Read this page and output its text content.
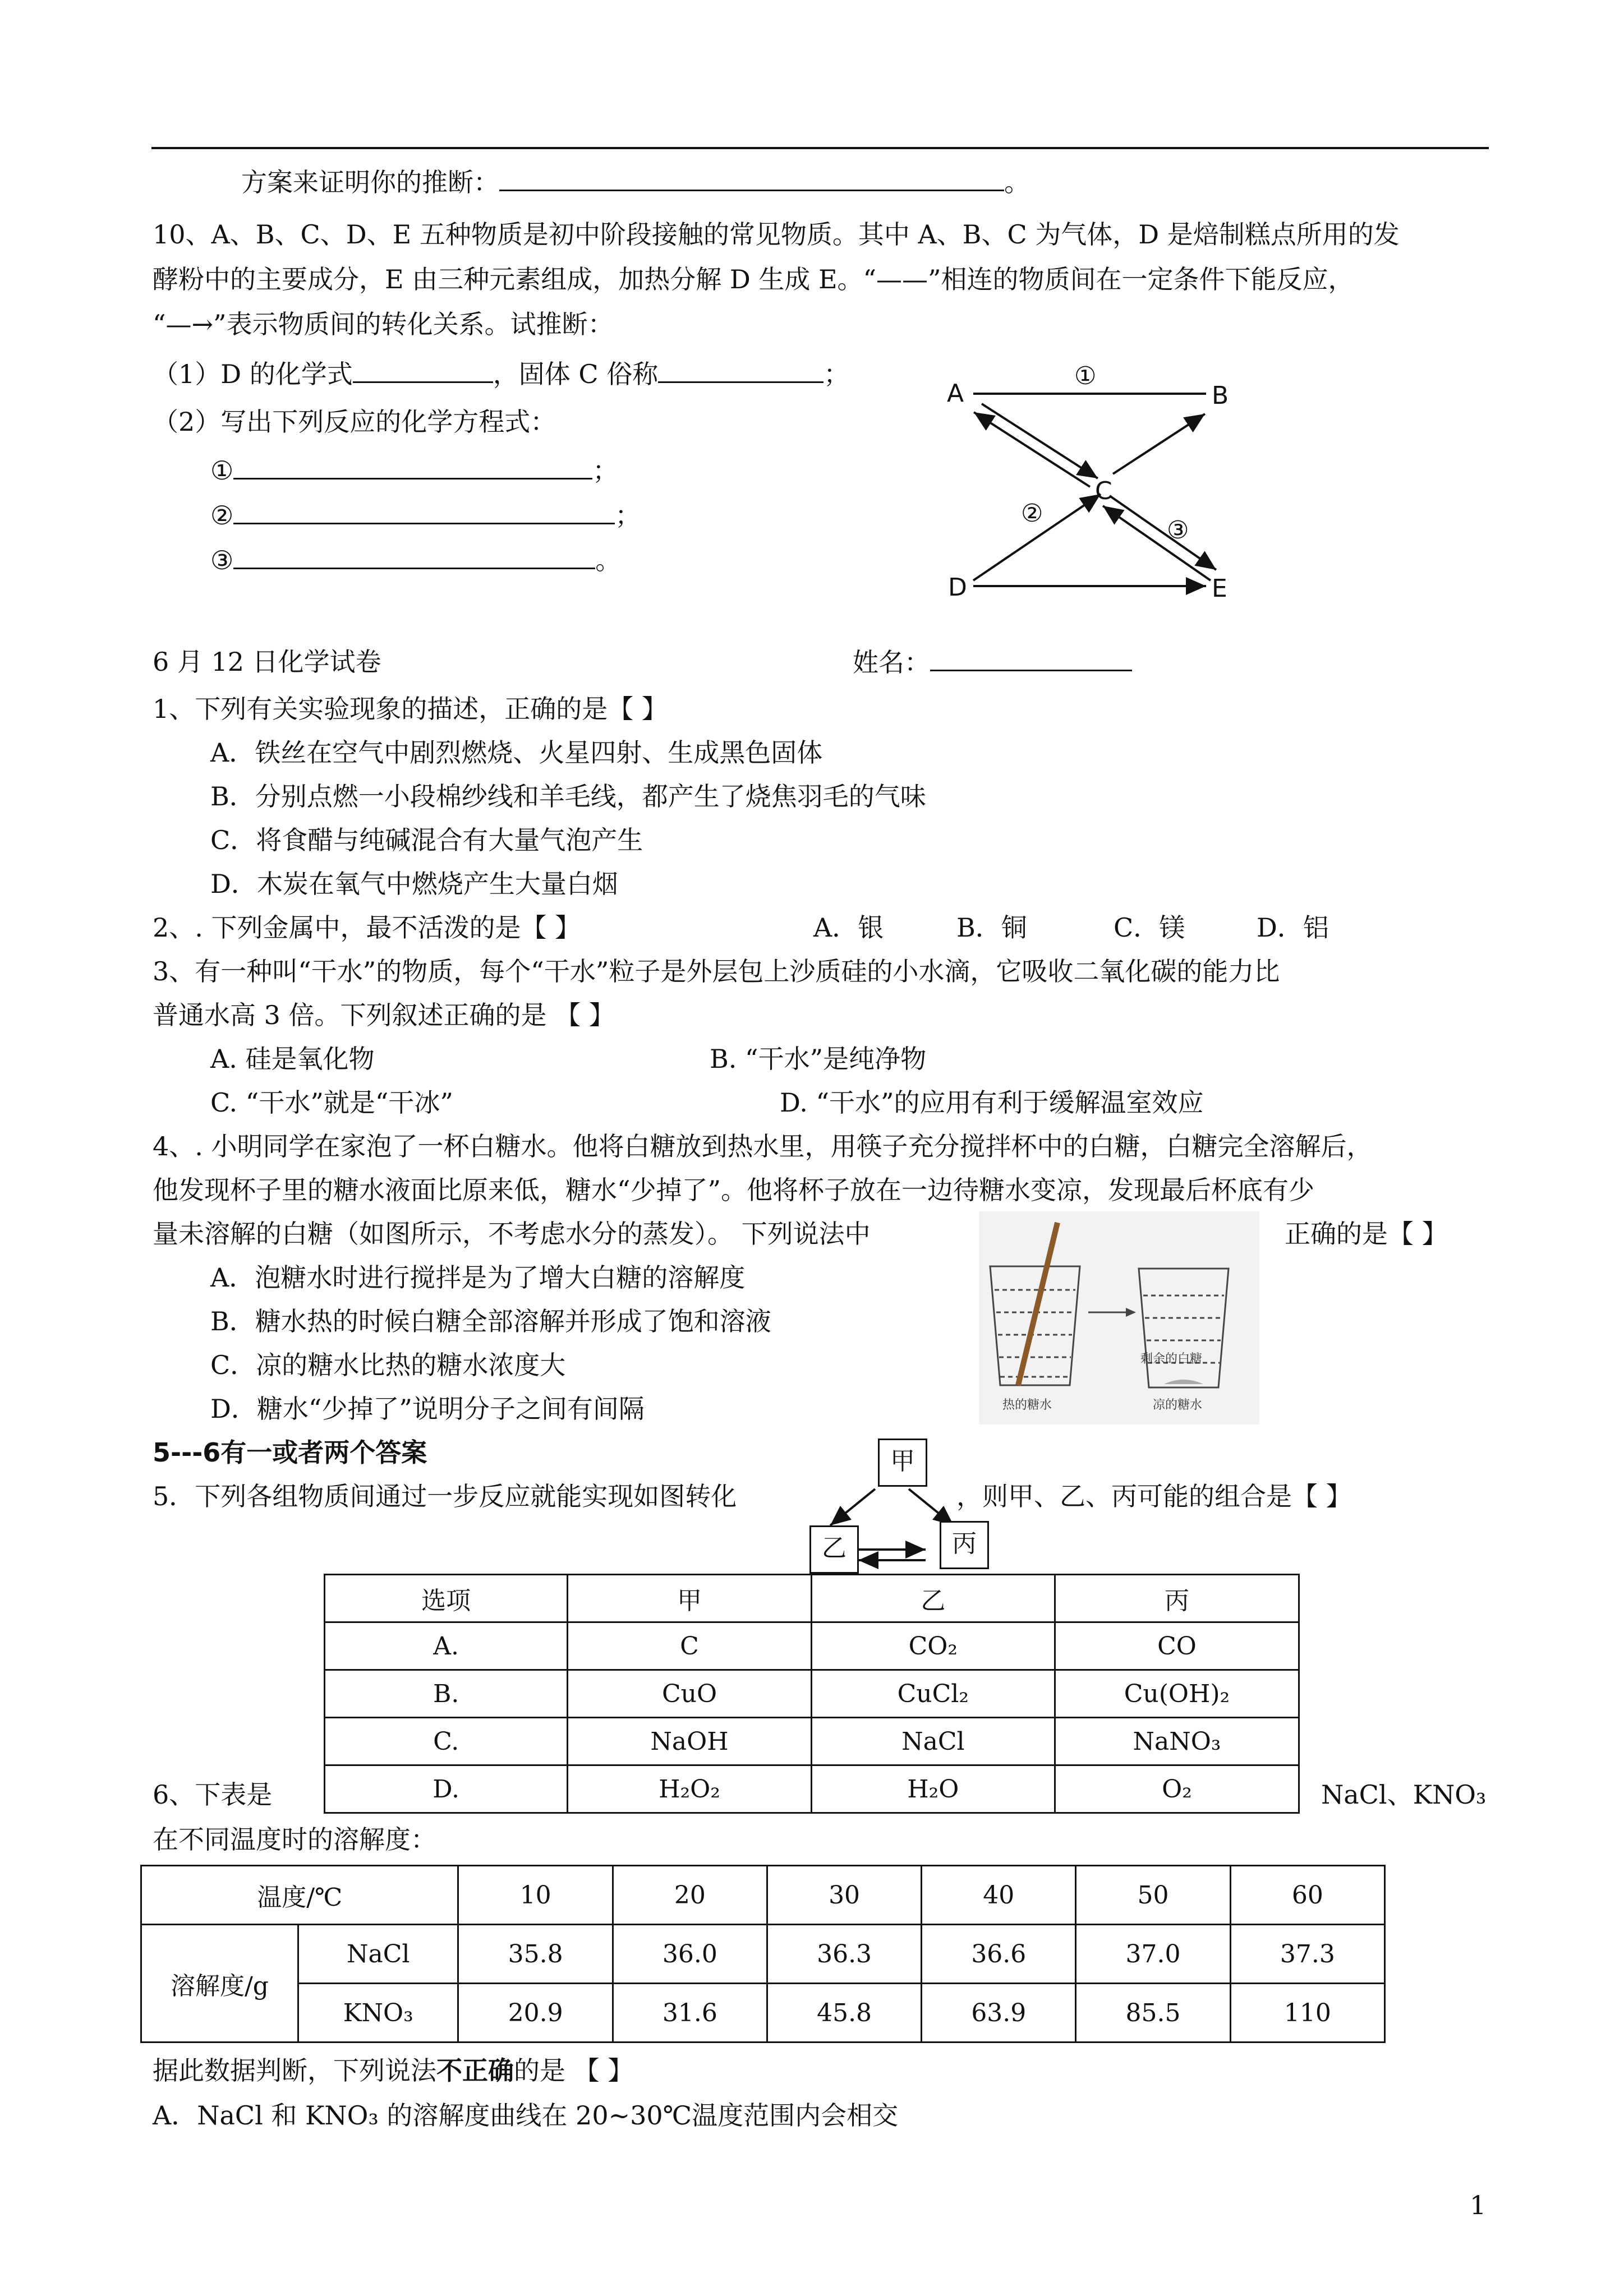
方案来证明你的推断：	。
10、A、B、C、D、E 五种物质是初中阶段接触的常见物质。其中 A、B、C 为气体，D 是焙制糕点所用的发
酵粉中的主要成分，E 由三种元素组成，加热分解 D 生成 E。“——”相连的物质间在一定条件下能反应，
“—→”表示物质间的转化关系。试推断：
（1）D 的化学式	，固体 C 俗称	；
（2）写出下列反应的化学方程式：
①	；
②	；
③	。
A	B
C
D	E
①
②
③
6 月 12 日化学试卷	姓名：
1、下列有关实验现象的描述，正确的是【 】
A．铁丝在空气中剧烈燃烧、火星四射、生成黑色固体
B．分别点燃一小段棉纱线和羊毛线，都产生了烧焦羽毛的气味
C．将食醋与纯碱混合有大量气泡产生
D．木炭在氧气中燃烧产生大量白烟
2、. 下列金属中，最不活泼的是【 】	A．银	B．铜	C．镁	D．铝
3、有一种叫“干水”的物质，每个“干水”粒子是外层包上沙质硅的小水滴，它吸收二氧化碳的能力比
普通水高 3 倍。下列叙述正确的是 【 】
A. 硅是氧化物	B. “干水”是纯净物
C. “干水”就是“干冰”	D. “干水”的应用有利于缓解温室效应
4、. 小明同学在家泡了一杯白糖水。他将白糖放到热水里，用筷子充分搅拌杯中的白糖，白糖完全溶解后，
他发现杯子里的糖水液面比原来低，糖水“少掉了”。他将杯子放在一边待糖水变凉，发现最后杯底有少
量未溶解的白糖（如图所示，不考虑水分的蒸发）。 下列说法中	正确的是【 】
A．泡糖水时进行搅拌是为了增大白糖的溶解度
B．糖水热的时候白糖全部溶解并形成了饱和溶液
C．凉的糖水比热的糖水浓度大
D．糖水“少掉了”说明分子之间有间隔
剩余的白糖
热的糖水	凉的糖水
5---6有一或者两个答案
5．下列各组物质间通过一步反应就能实现如图转化	，则甲、乙、丙可能的组合是【 】
甲
乙	丙
选项	甲	乙	丙
A.	C	CO₂	CO
B.	CuO	CuCl₂	Cu(OH)₂
C.	NaOH	NaCl	NaNO₃
D.	H₂O₂	H₂O	O₂
6、下表是	NaCl、KNO₃
在不同温度时的溶解度：
温度/℃		10	20	30	40	50	60
溶解度/g	NaCl	35.8	36.0	36.3	36.6	37.0	37.3
	KNO₃	20.9	31.6	45.8	63.9	85.5	110
据此数据判断，下列说法不正确的是 【 】
A．NaCl 和 KNO₃ 的溶解度曲线在 20~30℃温度范围内会相交
1
